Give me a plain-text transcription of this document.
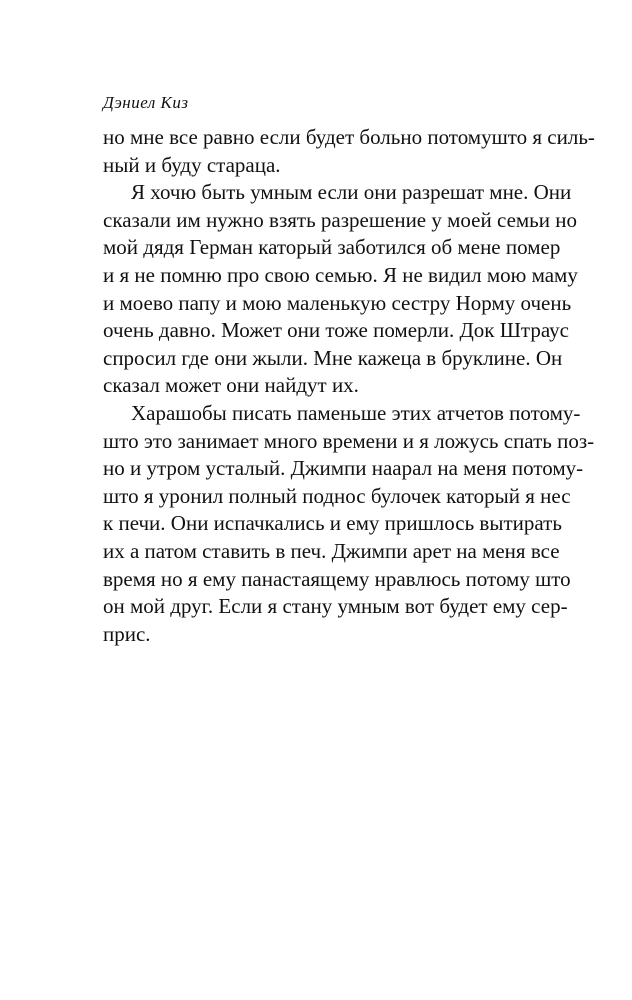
Дэниел Киз
но мне все равно если будет больно потомушто я силь-
ный и буду стараца.
Я хочю быть умным если они разрешат мне. Они
сказали им нужно взять разрешение у моей семьи но
мой дядя Герман каторый заботился об мене помер
и я не помню про свою семью. Я не видил мою маму
и моево папу и мою маленькую сестру Норму очень
очень давно. Может они тоже померли. Док Штраус
спросил где они жыли. Мне кажеца в бруклине. Он
сказал может они найдут их.
Харашобы писать паменьше этих атчетов потому-
што это занимает много времени и я ложусь спать поз-
но и утром усталый. Джимпи наарал на меня потому-
што я уронил полный поднос булочек каторый я нес
к печи. Они испачкались и ему пришлось вытирать
их а патом ставить в печ. Джимпи арет на меня все
время но я ему панастаящему нравлюсь потому што
он мой друг. Если я стану умным вот будет ему сер-
прис.
